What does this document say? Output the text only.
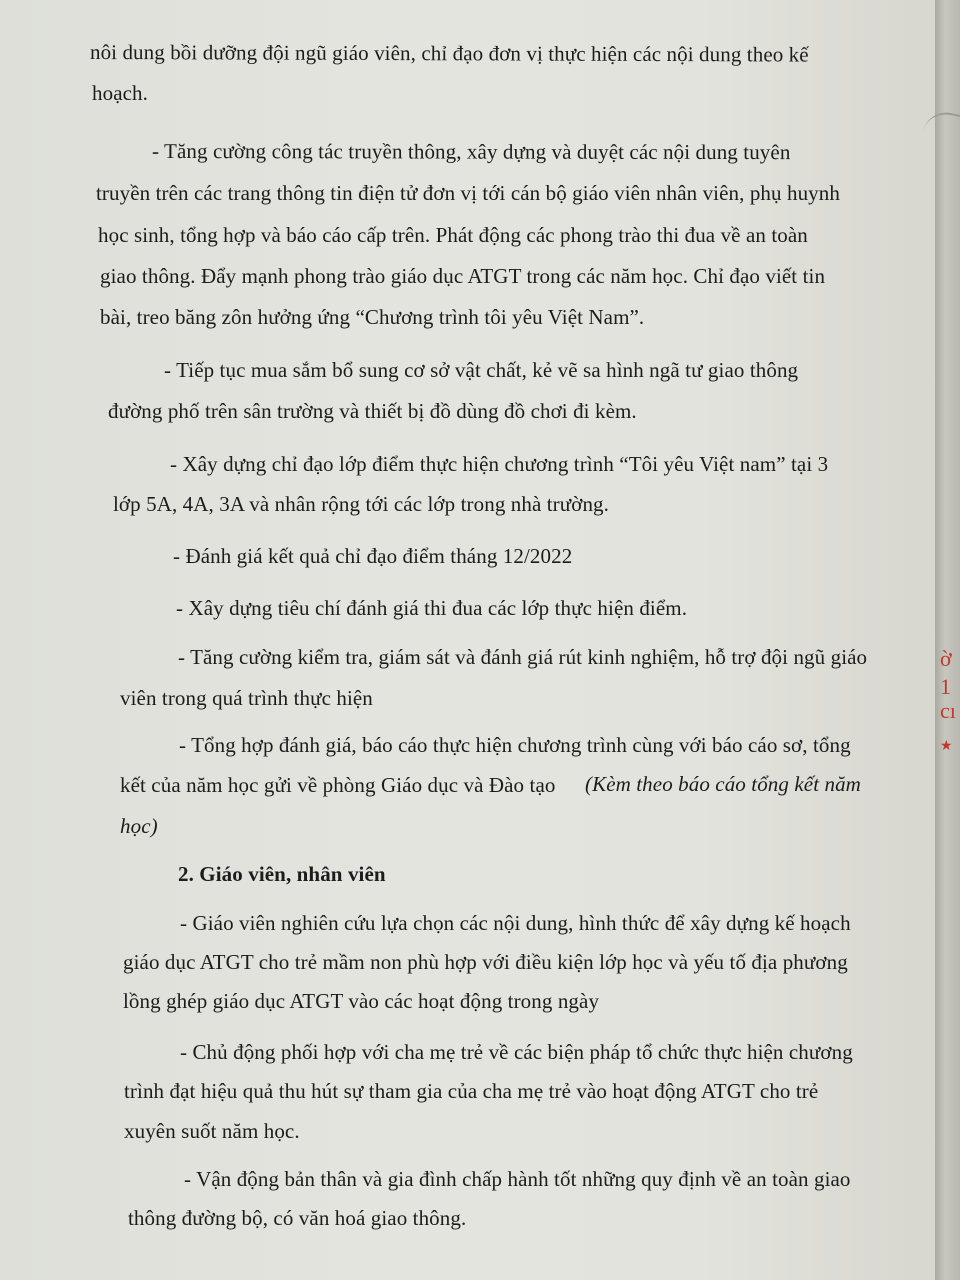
ờ
1
cı
★
nôi dung bồi dưỡng đội ngũ giáo viên, chỉ đạo đơn vị thực hiện các nội dung theo kế
hoạch.
- Tăng cường công tác truyền thông, xây dựng và duyệt các nội dung tuyên
truyền trên các trang thông tin điện tử đơn vị tới cán bộ giáo viên nhân viên, phụ huynh
học sinh, tổng hợp và báo cáo cấp trên. Phát động các phong trào thi đua về an toàn
giao thông. Đẩy mạnh phong trào giáo dục ATGT trong các năm học. Chỉ đạo viết tin
bài, treo băng zôn hưởng ứng “Chương trình tôi yêu Việt Nam”.
- Tiếp tục mua sắm bổ sung cơ sở vật chất, kẻ vẽ sa hình ngã tư giao thông
đường phố trên sân trường và thiết bị đồ dùng đồ chơi đi kèm.
- Xây dựng chỉ đạo lớp điểm thực hiện chương trình “Tôi yêu Việt nam” tại 3
lớp 5A, 4A, 3A và nhân rộng tới các lớp trong nhà trường.
- Đánh giá kết quả chỉ đạo điểm tháng 12/2022
- Xây dựng tiêu chí đánh giá thi đua các lớp thực hiện điểm.
- Tăng cường kiểm tra, giám sát và đánh giá rút kinh nghiệm, hỗ trợ đội ngũ giáo
viên trong quá trình thực hiện
- Tổng hợp đánh giá, báo cáo thực hiện chương trình cùng với báo cáo sơ, tổng
kết của năm học gửi về phòng Giáo dục và Đào tạo (Kèm theo báo cáo tổng kết năm
học)
2. Giáo viên, nhân viên
- Giáo viên nghiên cứu lựa chọn các nội dung, hình thức để xây dựng kế hoạch
giáo dục ATGT cho trẻ mầm non phù hợp với điều kiện lớp học và yếu tố địa phương
lồng ghép giáo dục ATGT vào các hoạt động trong ngày
- Chủ động phối hợp với cha mẹ trẻ về các biện pháp tổ chức thực hiện chương
trình đạt hiệu quả thu hút sự tham gia của cha mẹ trẻ vào hoạt động ATGT cho trẻ
xuyên suốt năm học.
- Vận động bản thân và gia đình chấp hành tốt những quy định về an toàn giao
thông đường bộ, có văn hoá giao thông.
